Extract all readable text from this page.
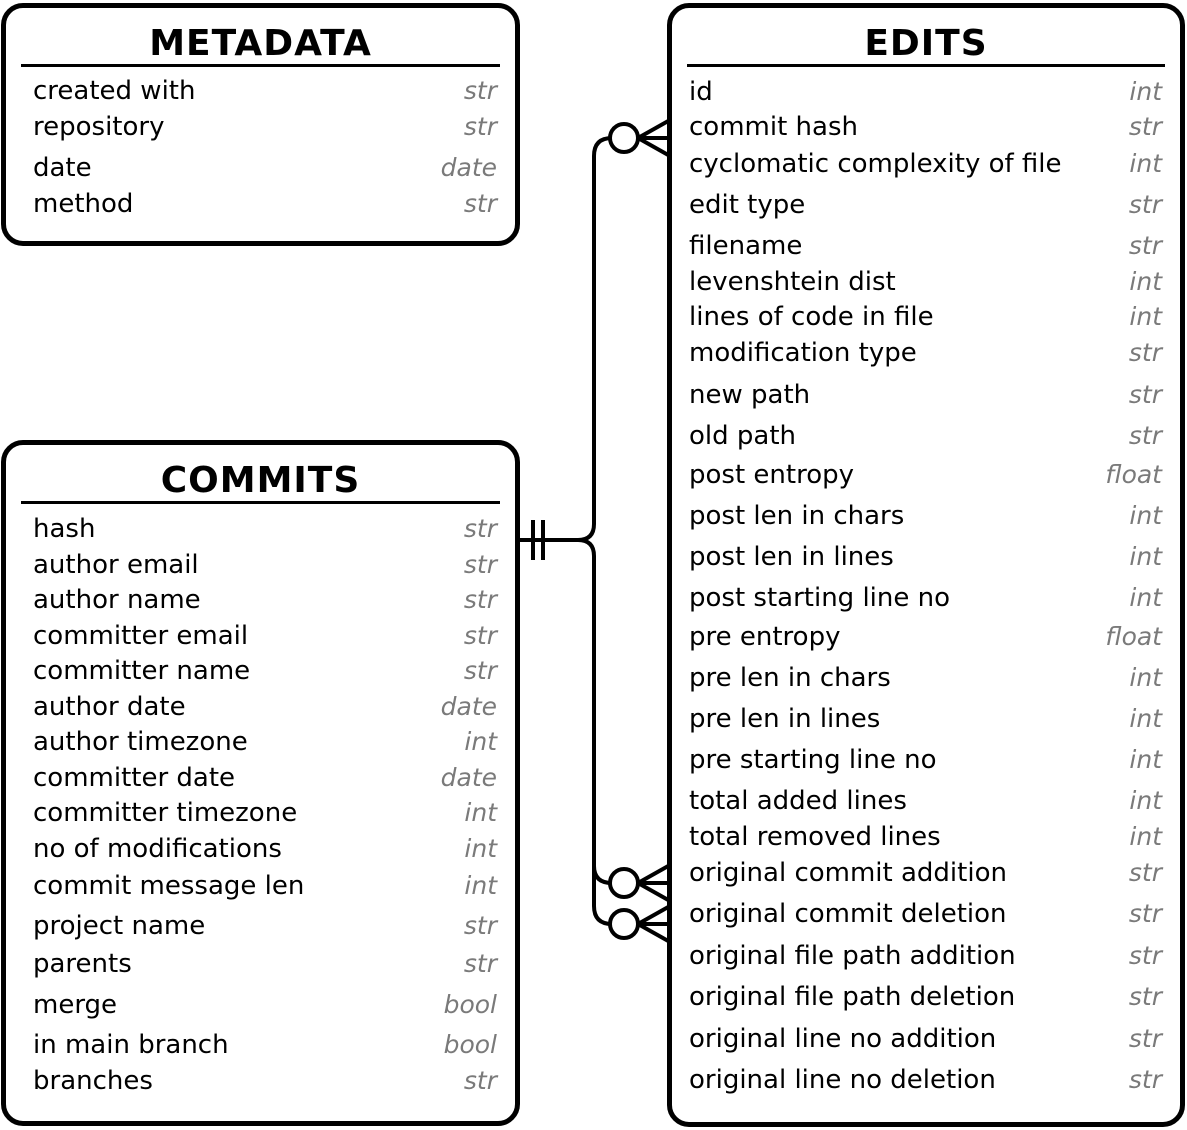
METADATA
created with	str
repository	str
date	date
method	str
COMMITS
hash	str
author email	str
author name	str
committer email	str
committer name	str
author date	date
author timezone	int
committer date	date
committer timezone	int
no of modifications	int
commit message len	int
project name	str
parents	str
merge	bool
in main branch	bool
branches	str
EDITS
id	int
commit hash	str
cyclomatic complexity of file	int
edit type	str
filename	str
levenshtein dist	int
lines of code in file	int
modification type	str
new path	str
old path	str
post entropy	float
post len in chars	int
post len in lines	int
post starting line no	int
pre entropy	float
pre len in chars	int
pre len in lines	int
pre starting line no	int
total added lines	int
total removed lines	int
original commit addition	str
original commit deletion	str
original file path addition	str
original file path deletion	str
original line no addition	str
original line no deletion	str
